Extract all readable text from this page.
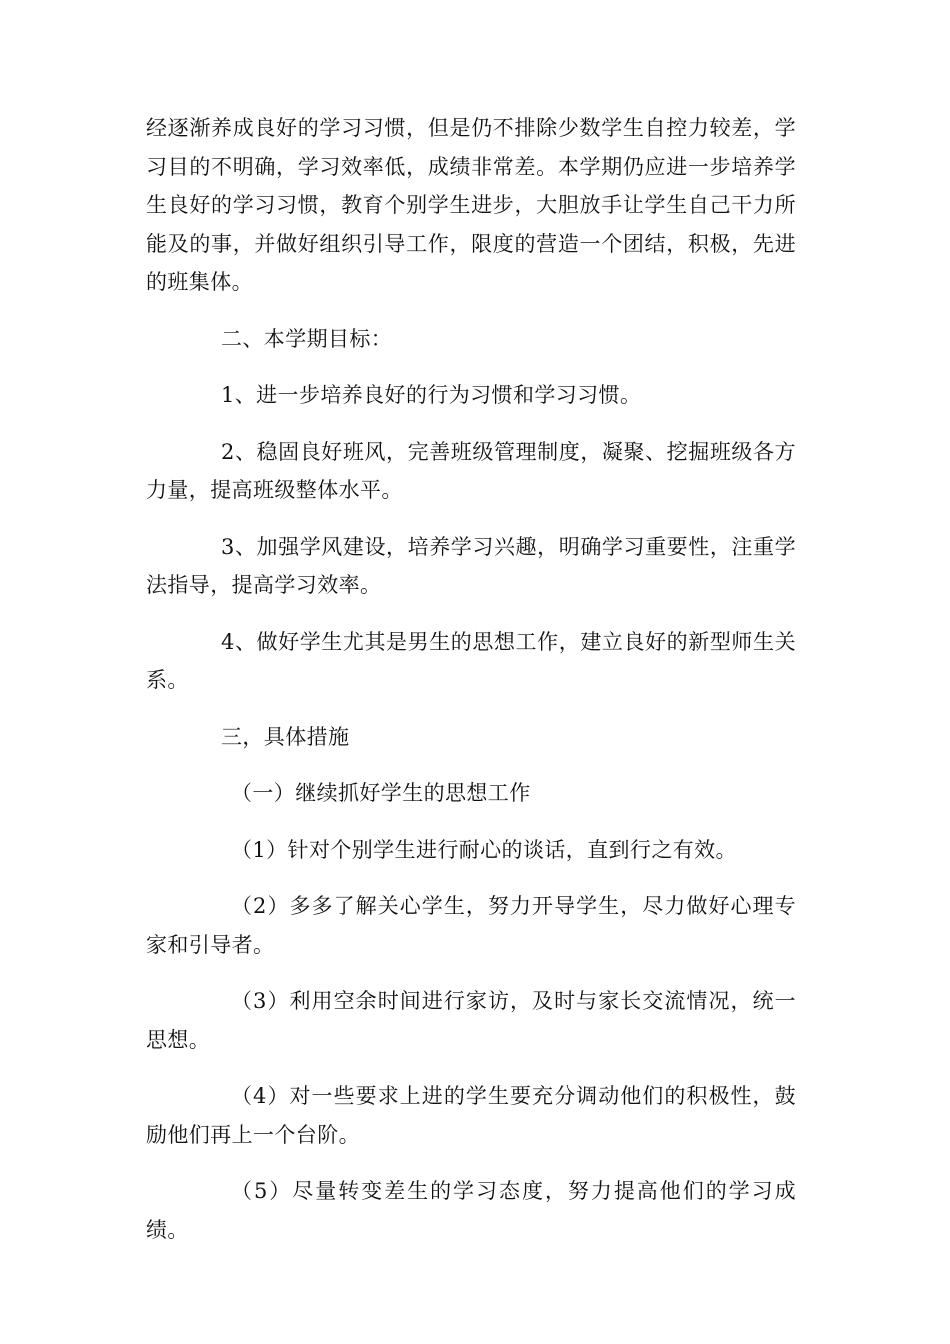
经逐渐养成良好的学习习惯，但是仍不排除少数学生自控力较差，学习目的不明确，学习效率低，成绩非常差。本学期仍应进一步培养学生良好的学习习惯，教育个别学生进步，大胆放手让学生自己干力所能及的事，并做好组织引导工作，限度的营造一个团结，积极，先进的班集体。

二、本学期目标：

1、进一步培养良好的行为习惯和学习习惯。

2、稳固良好班风，完善班级管理制度，凝聚、挖掘班级各方力量，提高班级整体水平。

3、加强学风建设，培养学习兴趣，明确学习重要性，注重学法指导，提高学习效率。

4、做好学生尤其是男生的思想工作，建立良好的新型师生关系。

三，具体措施

（一）继续抓好学生的思想工作

（1）针对个别学生进行耐心的谈话，直到行之有效。

（2）多多了解关心学生，努力开导学生，尽力做好心理专家和引导者。

（3）利用空余时间进行家访，及时与家长交流情况，统一思想。

（4）对一些要求上进的学生要充分调动他们的积极性，鼓励他们再上一个台阶。

（5）尽量转变差生的学习态度，努力提高他们的学习成绩。
